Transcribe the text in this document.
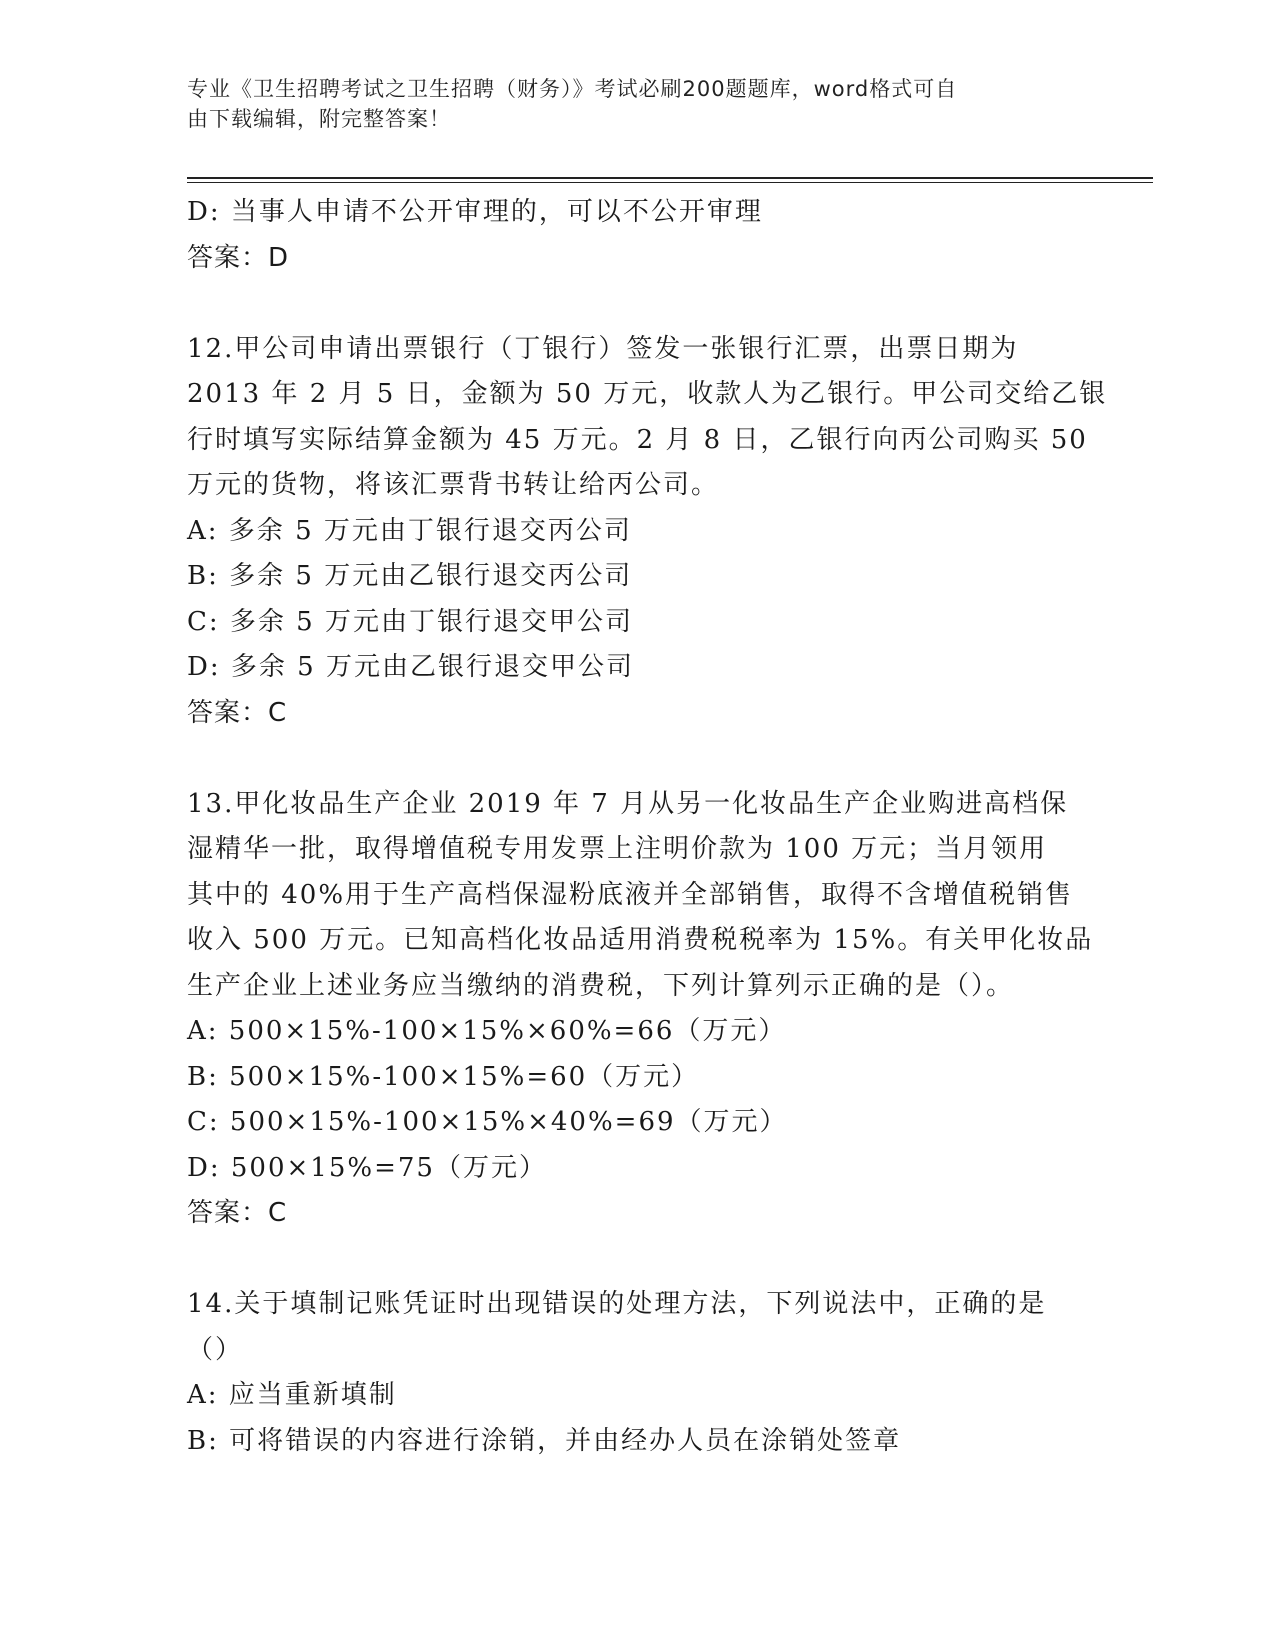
专业《卫生招聘考试之卫生招聘（财务）》考试必刷200题题库，word格式可自
由下载编辑，附完整答案！
D: 当事人申请不公开审理的，可以不公开审理
答案：D
12.甲公司申请出票银行（丁银行）签发一张银行汇票，出票日期为
2013 年 2 月 5 日，金额为 50 万元，收款人为乙银行。甲公司交给乙银
行时填写实际结算金额为 45 万元。2 月 8 日，乙银行向丙公司购买 50
万元的货物，将该汇票背书转让给丙公司。
A: 多余 5 万元由丁银行退交丙公司
B: 多余 5 万元由乙银行退交丙公司
C: 多余 5 万元由丁银行退交甲公司
D: 多余 5 万元由乙银行退交甲公司
答案：C
13.甲化妆品生产企业 2019 年 7 月从另一化妆品生产企业购进高档保
湿精华一批，取得增值税专用发票上注明价款为 100 万元；当月领用
其中的 40%用于生产高档保湿粉底液并全部销售，取得不含增值税销售
收入 500 万元。已知高档化妆品适用消费税税率为 15%。有关甲化妆品
生产企业上述业务应当缴纳的消费税，下列计算列示正确的是（）。
A: 500×15%-100×15%×60%=66（万元）
B: 500×15%-100×15%=60（万元）
C: 500×15%-100×15%×40%=69（万元）
D: 500×15%=75（万元）
答案：C
14.关于填制记账凭证时出现错误的处理方法，下列说法中，正确的是
（）
A: 应当重新填制
B: 可将错误的内容进行涂销，并由经办人员在涂销处签章
